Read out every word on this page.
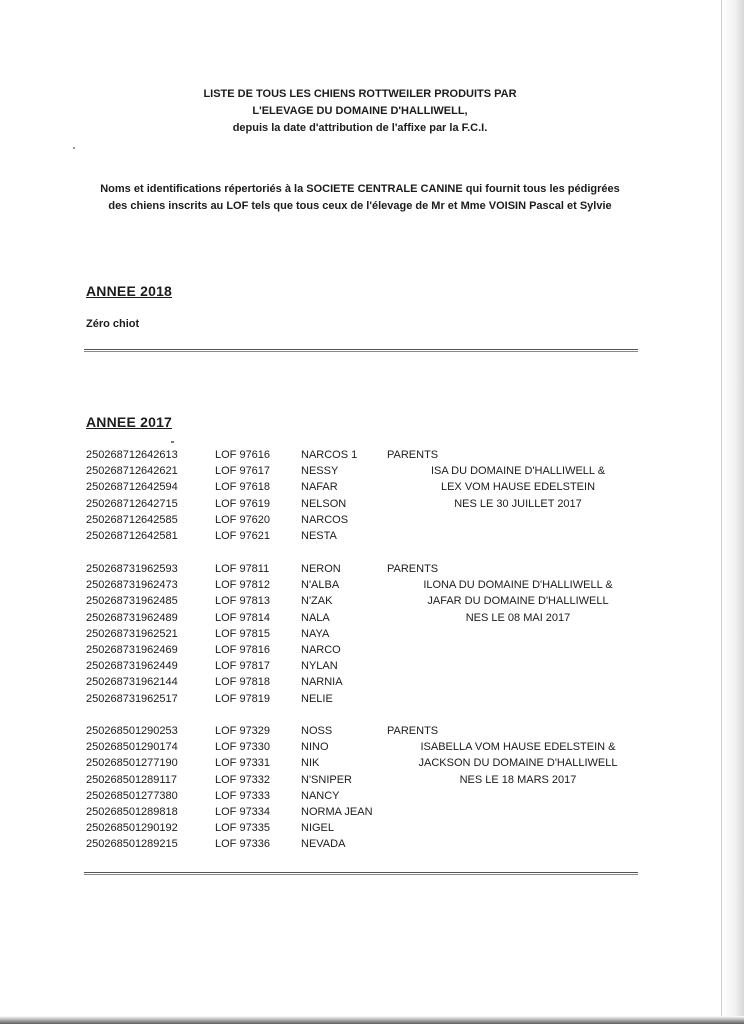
LISTE DE TOUS LES CHIENS ROTTWEILER PRODUITS PAR
L'ELEVAGE DU DOMAINE D'HALLIWELL,
depuis la date d'attribution de l'affixe par la F.C.I.
Noms et identifications répertoriés à la SOCIETE CENTRALE CANINE qui fournit tous les pédigrées
des chiens inscrits au LOF tels que tous ceux de l'élevage de Mr et Mme VOISIN Pascal et Sylvie
ANNEE 2018
Zéro chiot
ANNEE 2017
250268712642613	LOF 97616	NARCOS 1	PARENTS
250268712642621	LOF 97617	NESSY	ISA DU DOMAINE D'HALLIWELL &
250268712642594	LOF 97618	NAFAR	LEX VOM HAUSE EDELSTEIN
250268712642715	LOF 97619	NELSON	NES LE 30 JUILLET 2017
250268712642585	LOF 97620	NARCOS
250268712642581	LOF 97621	NESTA
250268731962593	LOF 97811	NERON	PARENTS
250268731962473	LOF 97812	N'ALBA	ILONA DU DOMAINE D'HALLIWELL &
250268731962485	LOF 97813	N'ZAK	JAFAR DU DOMAINE D'HALLIWELL
250268731962489	LOF 97814	NALA	NES LE 08 MAI 2017
250268731962521	LOF 97815	NAYA
250268731962469	LOF 97816	NARCO
250268731962449	LOF 97817	NYLAN
250268731962144	LOF 97818	NARNIA
250268731962517	LOF 97819	NELIE
250268501290253	LOF 97329	NOSS	PARENTS
250268501290174	LOF 97330	NINO	ISABELLA VOM HAUSE EDELSTEIN &
250268501277190	LOF 97331	NIK	JACKSON DU DOMAINE D'HALLIWELL
250268501289117	LOF 97332	N'SNIPER	NES LE 18 MARS 2017
250268501277380	LOF 97333	NANCY
250268501289818	LOF 97334	NORMA JEAN
250268501290192	LOF 97335	NIGEL
250268501289215	LOF 97336	NEVADA
